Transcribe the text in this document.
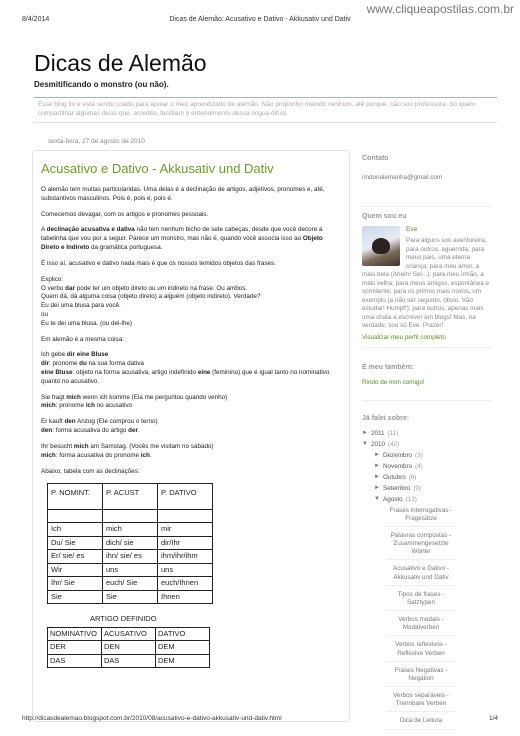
www.cliqueapostilas.com.br
8/4/2014	Dicas de Alemão: Acusativo e Dativo - Akkusativ und Dativ
Dicas de Alemão
Desmitificando o monstro (ou não).
Esse blog foi e está sendo criado para apoiar o meu aprendizado de alemão. Não proponho método nenhum, até porque, não sou professora. Só quero compartilhar algumas dicas que, acredito, facilitam o entendimento dessa língua difícil.
sexta-feira, 27 de agosto de 2010
Acusativo e Dativo - Akkusativ und Dativ

O alemão tem muitas particularidas. Uma delas é a declinação de artigos, adjetivos, pronomes e, até, substantivos masculinos. Pois é, pois é, pois é.

Comecemos devagar, com os artigos e pronomes pessoais.

A declinação acusativa e dativa não tem nenhum bicho de sete cabeças, desde que você decore a tabelinha que vou por a seguir. Parece um monstro, mas não é, quando você associa isso ao Objeto Direto e Indireto da gramática portuguesa.

É isso aí, acusativo e dativo nada mais é que os nossos temidos objetos das frases.

Explico:
O verbo dar pode ter um objeto direto ou um indireto na frase. Ou ambos.
Quem dá, dá alguma coisa (objeto direto) a alguém (objeto indireto). Verdade?
Eu dei uma blusa para você.
ou
Eu te dei uma blusa. (ou dei-lhe)

Em alemão é a mesma coisa:

Ich gebe dir eine Bluse
dir: pronome du na sua forma dativa
eine Bluse: objeto na forma acusativa, artigo indefinido eine (feminino) que é igual tanto no nominativo quanto no acusativo.

Sie fragt mich wenn ich komme (Ela me perguntou quando venho)
mich: pronome ich no acusativo

Er kauft den Anzug (Ele comprou o terno)
den: forma acusativa do artigo der.

Ihr besucht mich am Samstag. (Vocês me visitam no sábado)
mich: forma acusativa do pronome ich.

Abaixo, tabela com as declinações:

P. NOMINT.	P. ACUST	P. DATIVO

Ich	mich	mir
Du/ Sie	dich/ sie	dir/Ihr
Er/ sie/ es	ihn/ sie/ es	ihm/ihr/ihm
Wir	uns	uns
Ihr/ Sie	euch/ Sie	euch/Ihnen
Sie	Sie	Ihnen
ARTIGO DEFINIDO
NOMINATIVO	ACUSATIVO	DATIVO
DER	DEN	DEM
DAS	DAS	DEM
Contato
rindonalemanha@gmail.com
Quem sou eu
Eve
Para alguns sou aventureira, para outros, aguerrida; para meus pais, uma eterna criança; para meu amor, a mais bela (Ahem! Sei...); para meu irmão, a mais velha; para meus amigos, espontânea e sorridente; para os primos mais novos, um exemplo (a não ser seguido, óbvio. Vão estudar! Humpf!); para outros, apenas mais uma chata a escrever em blogs! Mas, na verdade, sou só Eve. Prazer!
Visualizar meu perfil completo
É meu também:
Rindo de mim comigo!
Já falei sobre:
► 2011 (11)
▼ 2010 (42)
► Dezembro (3)
► Novembro (4)
► Outubro (6)
► Setembro (9)
▼ Agosto (13)
Frases interrogativas - Fragesätze
Palavras compostas - Zusammengesetzte Wörter
Acusativo e Dativo - Akkusativ und Dativ
Tipos de frases - Satztypen
Verbos modais - Modalverben
Verbos reflexivos - Reflexive Verben
Frases Negativas - Negation
Verbos separáveis - Trennbare Verben
Dica de Leitura
http://dicasdealemao.blogspot.com.br/2010/08/acusativo-e-dativo-akkusativ-und-dativ.html	1/4
